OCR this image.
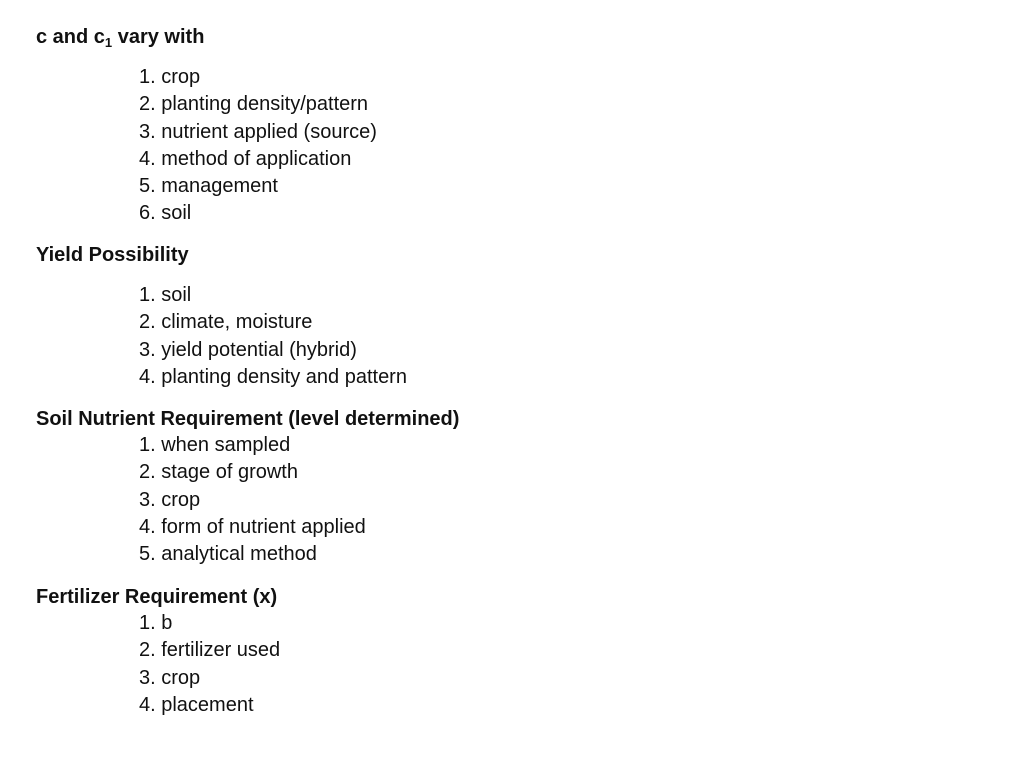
c and $c_1$ vary with
1. crop
2. planting density/pattern
3. nutrient applied (source)
4. method of application
5. management
6. soil
Yield Possibility
1. soil
2. climate, moisture
3. yield potential (hybrid)
4. planting density and pattern
Soil Nutrient Requirement (level determined)
1. when sampled
2. stage of growth
3. crop
4. form of nutrient applied
5. analytical method
Fertilizer Requirement (x)
1. b
2. fertilizer used
3. crop
4. placement
